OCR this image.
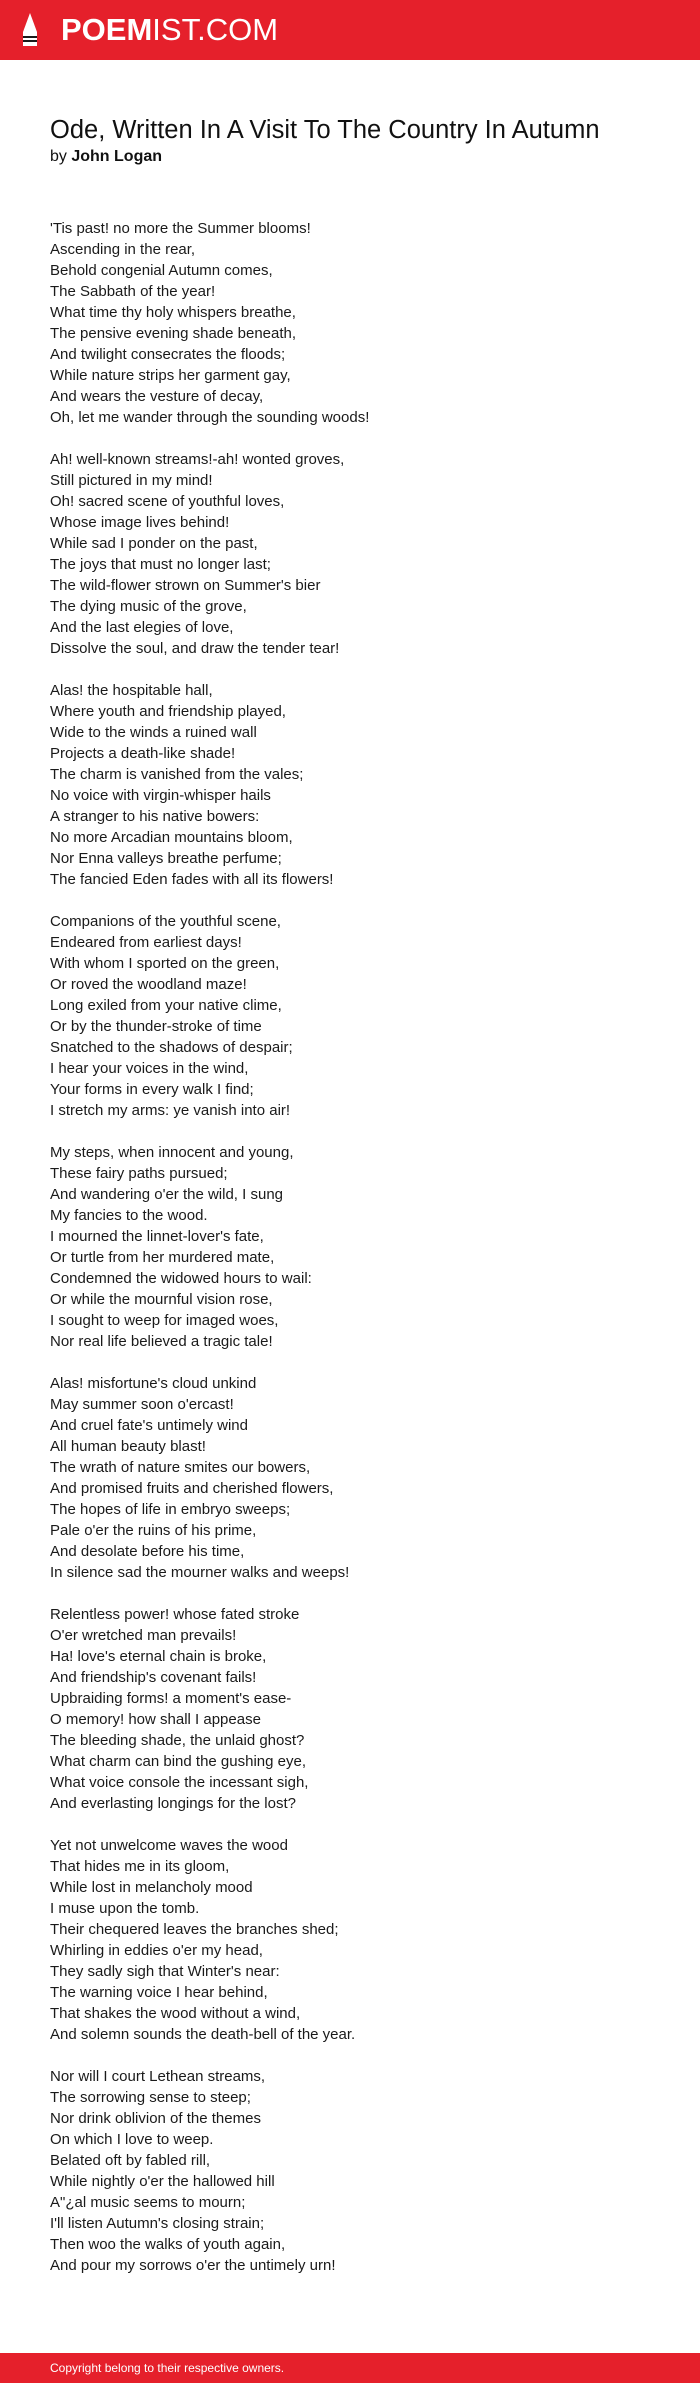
POEMIST.COM
Ode, Written In A Visit To The Country In Autumn
by John Logan
'Tis past! no more the Summer blooms!
Ascending in the rear,
Behold congenial Autumn comes,
The Sabbath of the year!
What time thy holy whispers breathe,
The pensive evening shade beneath,
And twilight consecrates the floods;
While nature strips her garment gay,
And wears the vesture of decay,
Oh, let me wander through the sounding woods!
Ah! well-known streams!-ah! wonted groves,
Still pictured in my mind!
Oh! sacred scene of youthful loves,
Whose image lives behind!
While sad I ponder on the past,
The joys that must no longer last;
The wild-flower strown on Summer's bier
The dying music of the grove,
And the last elegies of love,
Dissolve the soul, and draw the tender tear!
Alas! the hospitable hall,
Where youth and friendship played,
Wide to the winds a ruined wall
Projects a death-like shade!
The charm is vanished from the vales;
No voice with virgin-whisper hails
A stranger to his native bowers:
No more Arcadian mountains bloom,
Nor Enna valleys breathe perfume;
The fancied Eden fades with all its flowers!
Companions of the youthful scene,
Endeared from earliest days!
With whom I sported on the green,
Or roved the woodland maze!
Long exiled from your native clime,
Or by the thunder-stroke of time
Snatched to the shadows of despair;
I hear your voices in the wind,
Your forms in every walk I find;
I stretch my arms: ye vanish into air!
My steps, when innocent and young,
These fairy paths pursued;
And wandering o'er the wild, I sung
My fancies to the wood.
I mourned the linnet-lover's fate,
Or turtle from her murdered mate,
Condemned the widowed hours to wail:
Or while the mournful vision rose,
I sought to weep for imaged woes,
Nor real life believed a tragic tale!
Alas! misfortune's cloud unkind
May summer soon o'ercast!
And cruel fate's untimely wind
All human beauty blast!
The wrath of nature smites our bowers,
And promised fruits and cherished flowers,
The hopes of life in embryo sweeps;
Pale o'er the ruins of his prime,
And desolate before his time,
In silence sad the mourner walks and weeps!
Relentless power! whose fated stroke
O'er wretched man prevails!
Ha! love's eternal chain is broke,
And friendship's covenant fails!
Upbraiding forms! a moment's ease-
O memory! how shall I appease
The bleeding shade, the unlaid ghost?
What charm can bind the gushing eye,
What voice console the incessant sigh,
And everlasting longings for the lost?
Yet not unwelcome waves the wood
That hides me in its gloom,
While lost in melancholy mood
I muse upon the tomb.
Their chequered leaves the branches shed;
Whirling in eddies o'er my head,
They sadly sigh that Winter's near:
The warning voice I hear behind,
That shakes the wood without a wind,
And solemn sounds the death-bell of the year.
Nor will I court Lethean streams,
The sorrowing sense to steep;
Nor drink oblivion of the themes
On which I love to weep.
Belated oft by fabled rill,
While nightly o'er the hallowed hill
A"¿al music seems to mourn;
I'll listen Autumn's closing strain;
Then woo the walks of youth again,
And pour my sorrows o'er the untimely urn!
Copyright belong to their respective owners.
